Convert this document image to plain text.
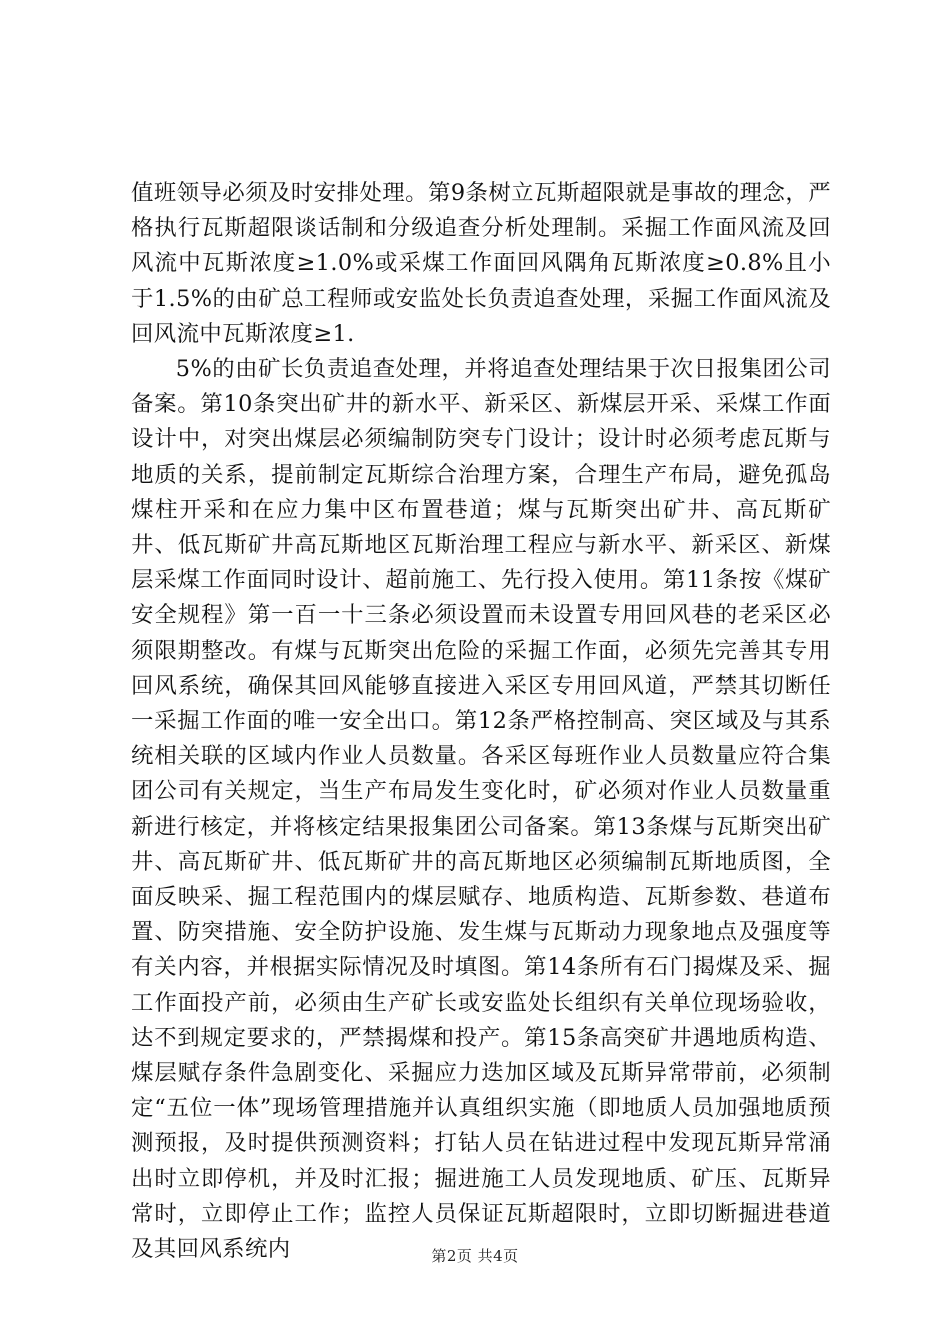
值班领导必须及时安排处理。第9条树立瓦斯超限就是事故的理念，严格执行瓦斯超限谈话制和分级追查分析处理制。采掘工作面风流及回风流中瓦斯浓度≥1.0%或采煤工作面回风隅角瓦斯浓度≥0.8%且小于1.5%的由矿总工程师或安监处长负责追查处理，采掘工作面风流及回风流中瓦斯浓度≥1.

5%的由矿长负责追查处理，并将追查处理结果于次日报集团公司备案。第10条突出矿井的新水平、新采区、新煤层开采、采煤工作面设计中，对突出煤层必须编制防突专门设计；设计时必须考虑瓦斯与地质的关系，提前制定瓦斯综合治理方案，合理生产布局，避免孤岛煤柱开采和在应力集中区布置巷道；煤与瓦斯突出矿井、高瓦斯矿井、低瓦斯矿井高瓦斯地区瓦斯治理工程应与新水平、新采区、新煤层采煤工作面同时设计、超前施工、先行投入使用。第11条按《煤矿安全规程》第一百一十三条必须设置而未设置专用回风巷的老采区必须限期整改。有煤与瓦斯突出危险的采掘工作面，必须先完善其专用回风系统，确保其回风能够直接进入采区专用回风道，严禁其切断任一采掘工作面的唯一安全出口。第12条严格控制高、突区域及与其系统相关联的区域内作业人员数量。各采区每班作业人员数量应符合集团公司有关规定，当生产布局发生变化时，矿必须对作业人员数量重新进行核定，并将核定结果报集团公司备案。第13条煤与瓦斯突出矿井、高瓦斯矿井、低瓦斯矿井的高瓦斯地区必须编制瓦斯地质图，全面反映采、掘工程范围内的煤层赋存、地质构造、瓦斯参数、巷道布置、防突措施、安全防护设施、发生煤与瓦斯动力现象地点及强度等有关内容，并根据实际情况及时填图。第14条所有石门揭煤及采、掘工作面投产前，必须由生产矿长或安监处长组织有关单位现场验收，达不到规定要求的，严禁揭煤和投产。第15条高突矿井遇地质构造、煤层赋存条件急剧变化、采掘应力迭加区域及瓦斯异常带前，必须制定“五位一体”现场管理措施并认真组织实施（即地质人员加强地质预测预报，及时提供预测资料；打钻人员在钻进过程中发现瓦斯异常涌出时立即停机，并及时汇报；掘进施工人员发现地质、矿压、瓦斯异常时，立即停止工作；监控人员保证瓦斯超限时，立即切断掘进巷道及其回风系统内	第2页 共4页
